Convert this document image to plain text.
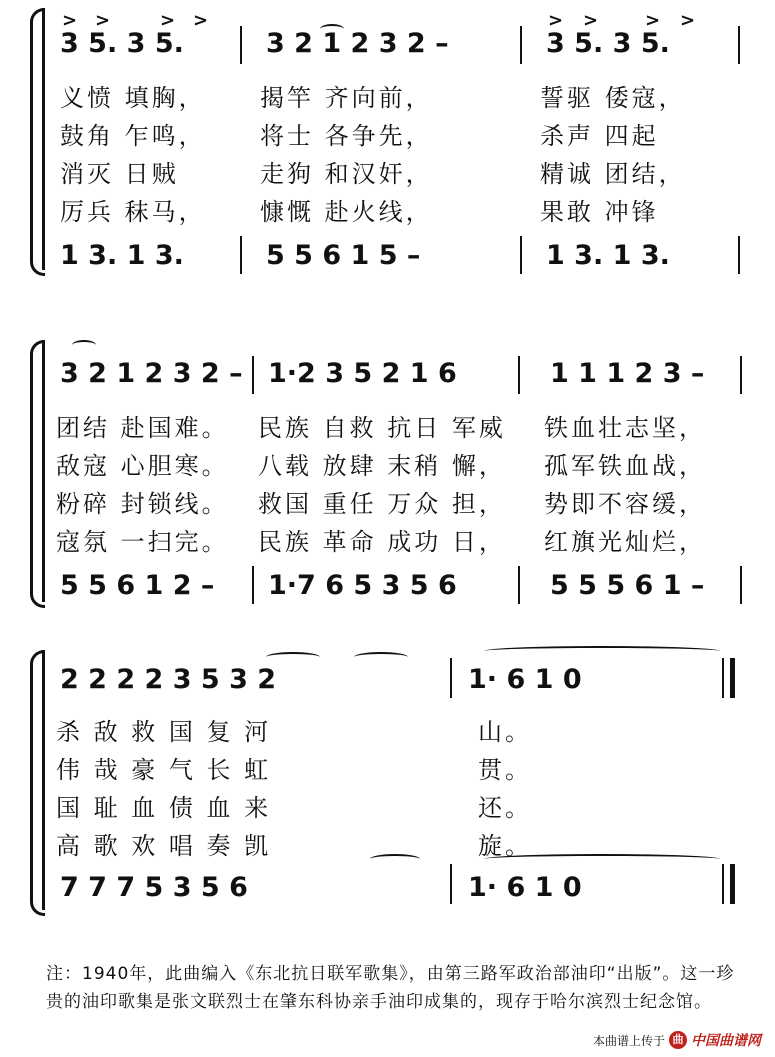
> >	> >	> >	> >
3 5. 3 5.	3 2 1 2 3 2 –	3 5. 3 5.
义愤 填胸， 揭竿 齐向前，	誓驱 倭寇，
鼓角 乍鸣， 将士 各争先，	杀声 四起
消灭 日贼	走狗 和汉奸，	精诚 团结，
厉兵 秣马， 慷慨 赴火线，	果敢 冲锋
1 3. 1 3.	5 5 6 1 5 –	1 3. 1 3.
3 2 1 2 3 2 – 1·2 3 5 2 1 6	1 1 1 2 3 –
团结 赴国难。 民族 自救 抗日 军威 铁血壮志坚，
敌寇 心胆寒。 八载 放肆 末稍 懈， 孤军铁血战，
粉碎 封锁线。 救国 重任 万众 担， 势即不容缓，
寇氛 一扫完。 民族 革命 成功 日， 红旗光灿烂，
5 5 6 1 2 – 1·7 6 5 3 5 6	5 5 5 6 1 –
2 2 2 2 3 5 3 2	1· 6 1 0
杀 敌 救 国 复 河	山。
伟 哉 豪 气 长 虹	贯。
国 耻 血 债 血 来	还。
高 歌 欢 唱 奏 凯	旋。
7 7 7 5 3 5 6	1· 6 1 0
注：1940年，此曲编入《东北抗日联军歌集》，由第三路军政治部油印“出版”。这一珍贵的油印歌集是张文联烈士在肇东科协亲手油印成集的，现存于哈尔滨烈士纪念馆。
本曲谱上传于 曲 中国曲谱网
